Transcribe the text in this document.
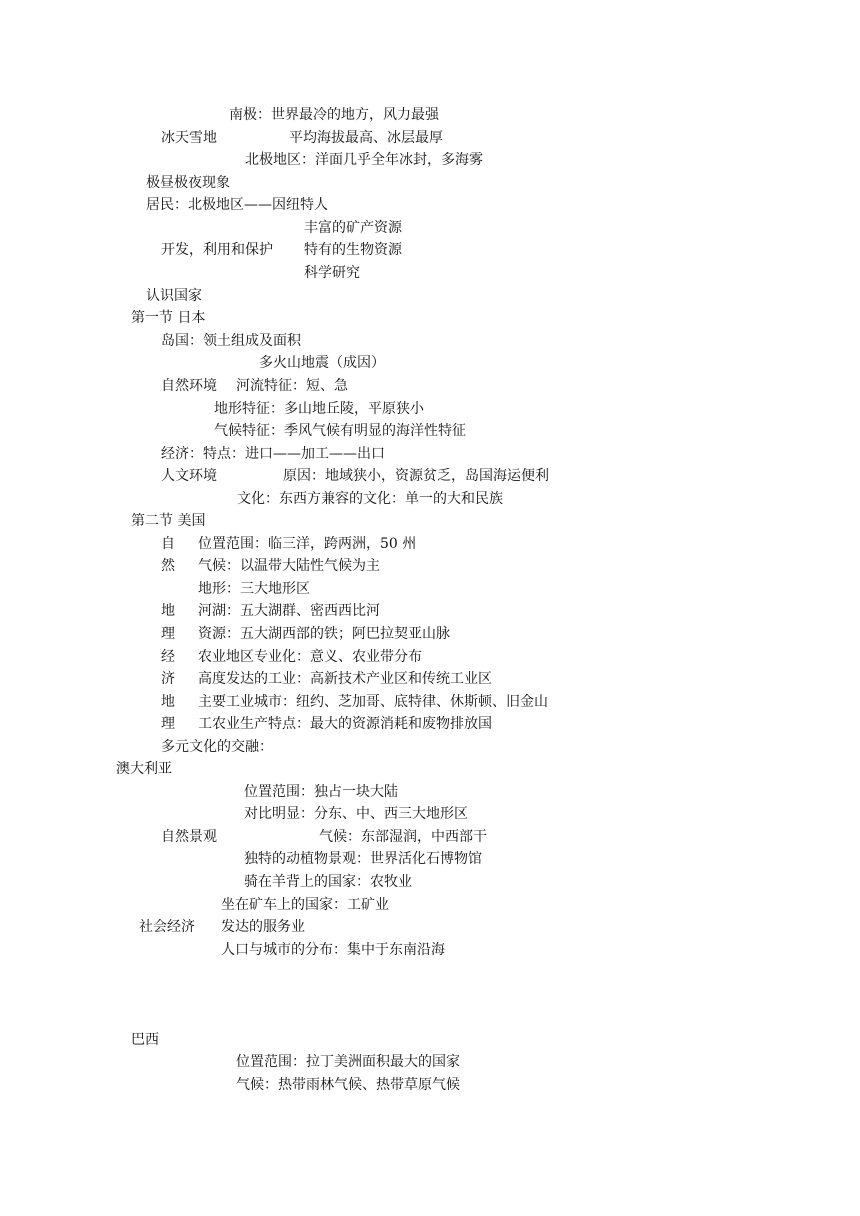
南极：世界最冷的地方，风力最强
冰天雪地	平均海拔最高、冰层最厚
北极地区：洋面几乎全年冰封，多海雾
极昼极夜现象
居民：北极地区——因纽特人
丰富的矿产资源
开发，利用和保护 特有的生物资源
科学研究
认识国家
第一节 日本
岛国：领土组成及面积
多火山地震（成因）
自然环境 河流特征：短、急
地形特征：多山地丘陵，平原狭小
气候特征：季风气候有明显的海洋性特征
经济：特点：进口——加工——出口
人文环境	原因：地域狭小，资源贫乏，岛国海运便利
文化：东西方兼容的文化：单一的大和民族
第二节 美国
自 位置范围：临三洋，跨两洲，50 州
然 气候：以温带大陆性气候为主
地形：三大地形区
地 河湖：五大湖群、密西西比河
理 资源：五大湖西部的铁；阿巴拉契亚山脉
经 农业地区专业化：意义、农业带分布
济 高度发达的工业：高新技术产业区和传统工业区
地 主要工业城市：纽约、芝加哥、底特律、休斯顿、旧金山
理 工农业生产特点：最大的资源消耗和废物排放国
多元文化的交融：
澳大利亚
位置范围：独占一块大陆
对比明显：分东、中、西三大地形区
自然景观	气候：东部湿润，中西部干
独特的动植物景观：世界活化石博物馆
骑在羊背上的国家：农牧业
坐在矿车上的国家：工矿业
社会经济 发达的服务业
人口与城市的分布：集中于东南沿海
巴西
位置范围：拉丁美洲面积最大的国家
气候：热带雨林气候、热带草原气候
